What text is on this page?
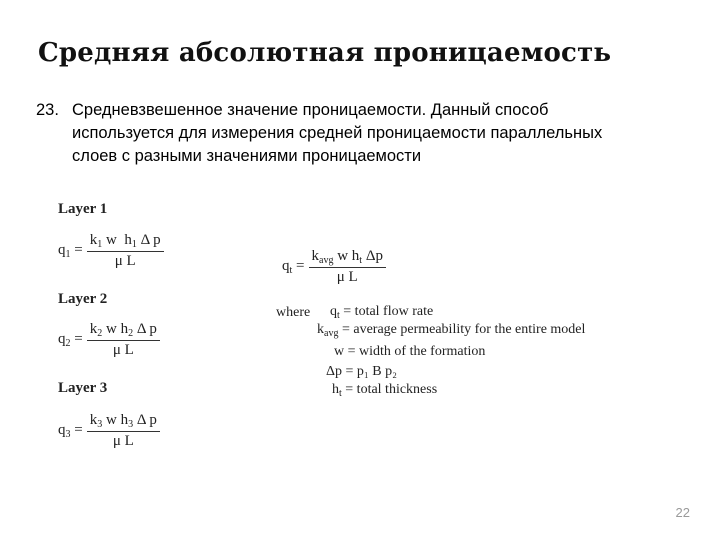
Средняя абсолютная проницаемость
23. Средневзвешенное значение проницаемости. Данный способ
используется для измерения средней проницаемости параллельных
слоев с разными значениями проницаемости
Layer 1
$q_1 = \frac{k_1 w h_1 \Delta p}{\text{μ L}}$
Layer 2
$q_2 = \frac{k_2 w h_2 \Delta p}{\text{μ L}}$
Layer 3
$q_3 = \frac{k_3 w h_3 \Delta p}{\text{μ L}}$
$q_t = \frac{k_{avg} w h_t \Delta p}{\text{μ L}}$
where $q_t$ = total flow rate
$k_{avg}$ = average permeability for the entire model
w = width of the formation
Δp = p₁ B p₂
$h_t$ = total thickness
22
